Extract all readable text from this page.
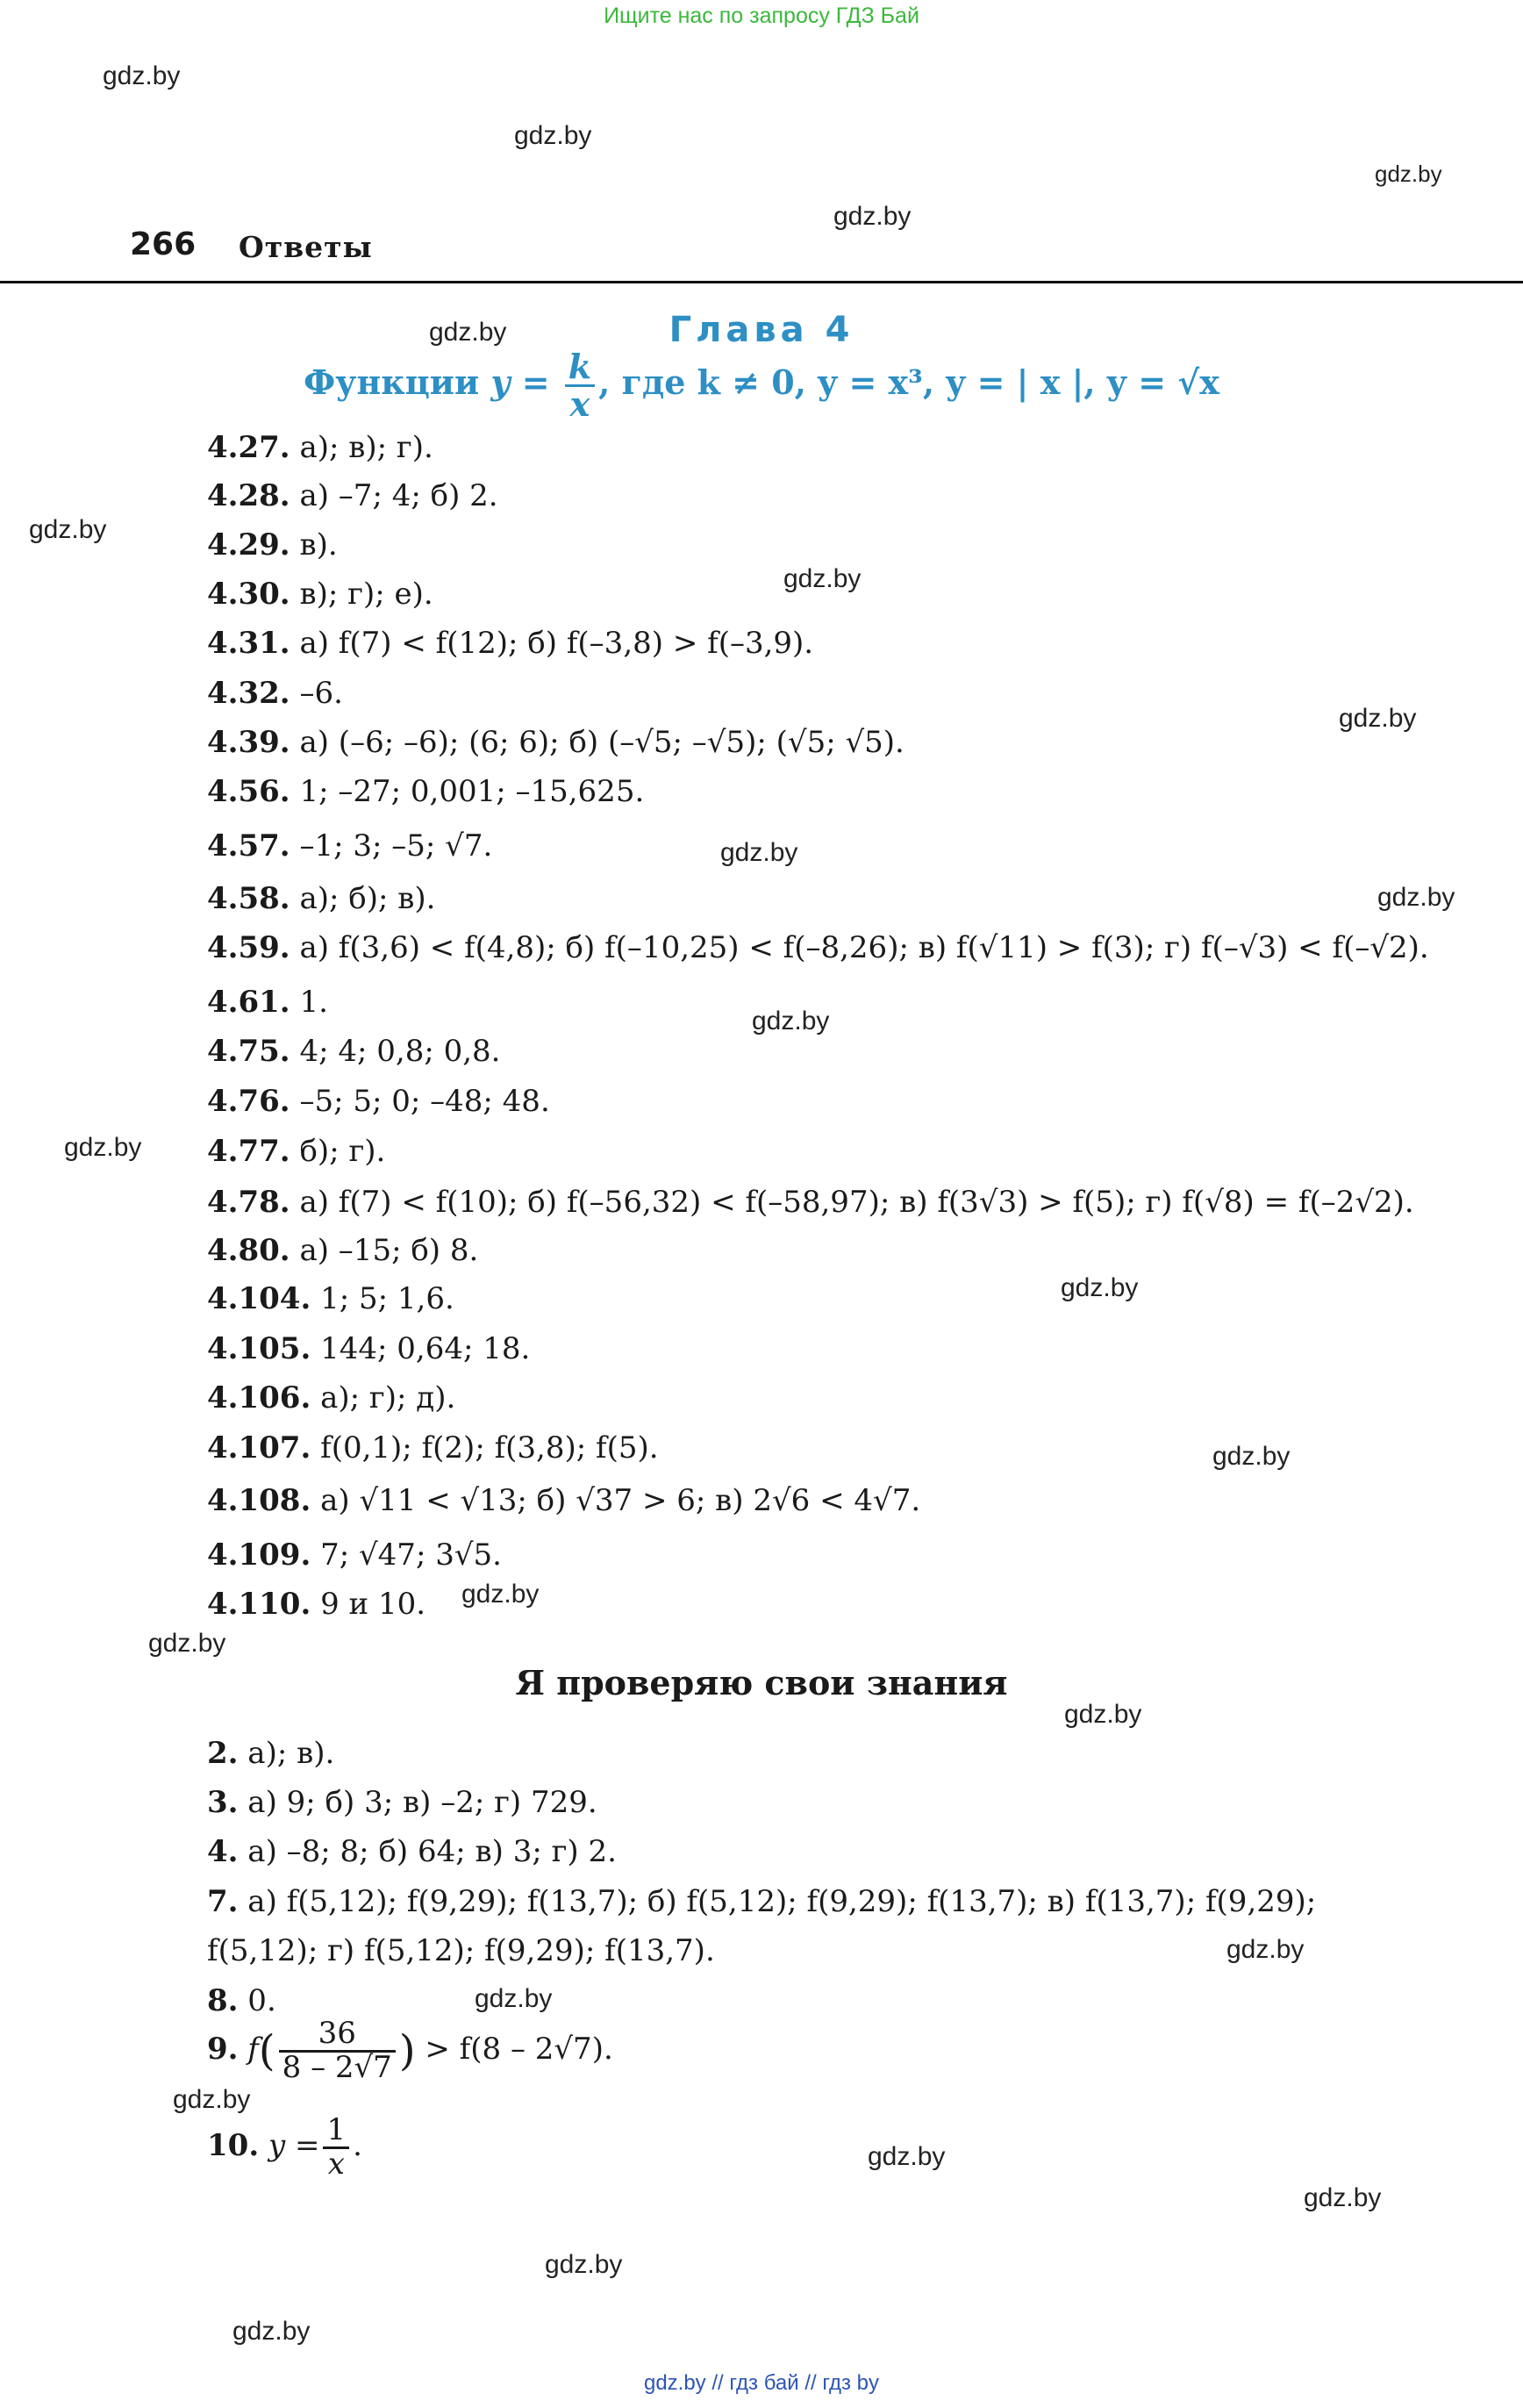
Ищите нас по запросу ГДЗ Бай
gdz.by
gdz.by
gdz.by
gdz.by
gdz.by
gdz.by
gdz.by
gdz.by
gdz.by
gdz.by
gdz.by
gdz.by
gdz.by
gdz.by
gdz.by
gdz.by
gdz.by
gdz.by
gdz.by
gdz.by
gdz.by
gdz.by
gdz.by
gdz.by
266 Ответы
Глава 4
Функции $y = \frac{k}{x}$ , где k ≠ 0, y = x³, y = | x |, y = √x
4.27. а); в); г).
4.28. а) –7; 4; б) 2.
4.29. в).
4.30. в); г); е).
4.31. а) f(7) < f(12); б) f(–3,8) > f(–3,9).
4.32. –6.
4.39. а) (–6; –6); (6; 6); б) (–√5; –√5); (√5; √5).
4.56. 1; –27; 0,001; –15,625.
4.57. –1; 3; –5; √7.
4.58. а); б); в).
4.59. а) f(3,6) < f(4,8); б) f(–10,25) < f(–8,26); в) f(√11) > f(3); г) f(–√3) < f(–√2).
4.61. 1.
4.75. 4; 4; 0,8; 0,8.
4.76. –5; 5; 0; –48; 48.
4.77. б); г).
4.78. а) f(7) < f(10); б) f(–56,32) < f(–58,97); в) f(3√3) > f(5); г) f(√8) = f(–2√2).
4.80. а) –15; б) 8.
4.104. 1; 5; 1,6.
4.105. 144; 0,64; 18.
4.106. а); г); д).
4.107. f(0,1); f(2); f(3,8); f(5).
4.108. а) √11 < √13; б) √37 > 6; в) 2√6 < 4√7.
4.109. 7; √47; 3√5.
4.110. 9 и 10.
Я проверяю свои знания
2. а); в).
3. а) 9; б) 3; в) –2; г) 729.
4. а) –8; 8; б) 64; в) 3; г) 2.
7. а) f(5,12); f(9,29); f(13,7); б) f(5,12); f(9,29); f(13,7); в) f(13,7); f(9,29);
f(5,12); г) f(5,12); f(9,29); f(13,7).
8. 0.
9. $f( \frac{36}{8 - 2√7}$ ) > f(8 – 2√7).
10. $y = \frac{1}{x}$ .
gdz.by // гдз бай // гдз by
